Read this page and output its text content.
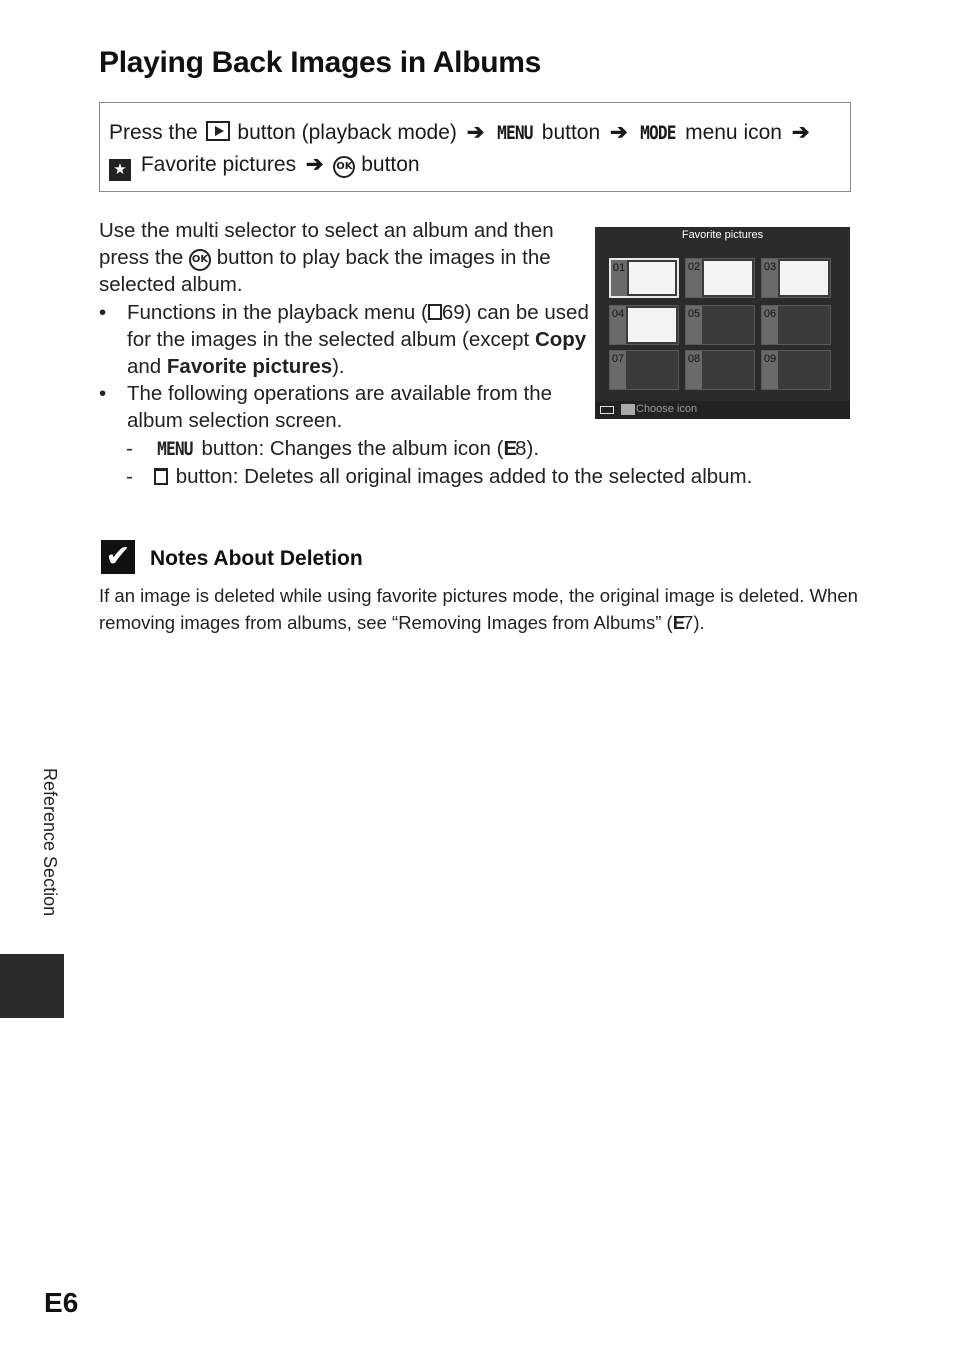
Playing Back Images in Albums
Press the button (playback mode) ➔ MENU button ➔ MODE menu icon ➔
★ Favorite pictures ➔ OK button

Use the multi selector to select an album and then press the OK button to play back the images in the selected album.

• Functions in the playback menu ( 69) can be used for the images in the selected album (except Copy and Favorite pictures).

• The following operations are available from the album selection screen.

- MENU button: Changes the album icon (E8).

- button: Deletes all original images added to the selected album.

Favorite pictures
01	02	03
04	05	06
07	08	09
Choose icon
✔ Notes About Deletion

If an image is deleted while using favorite pictures mode, the original image is deleted. When removing images from albums, see “Removing Images from Albums” (E7).

Reference Section

E6
